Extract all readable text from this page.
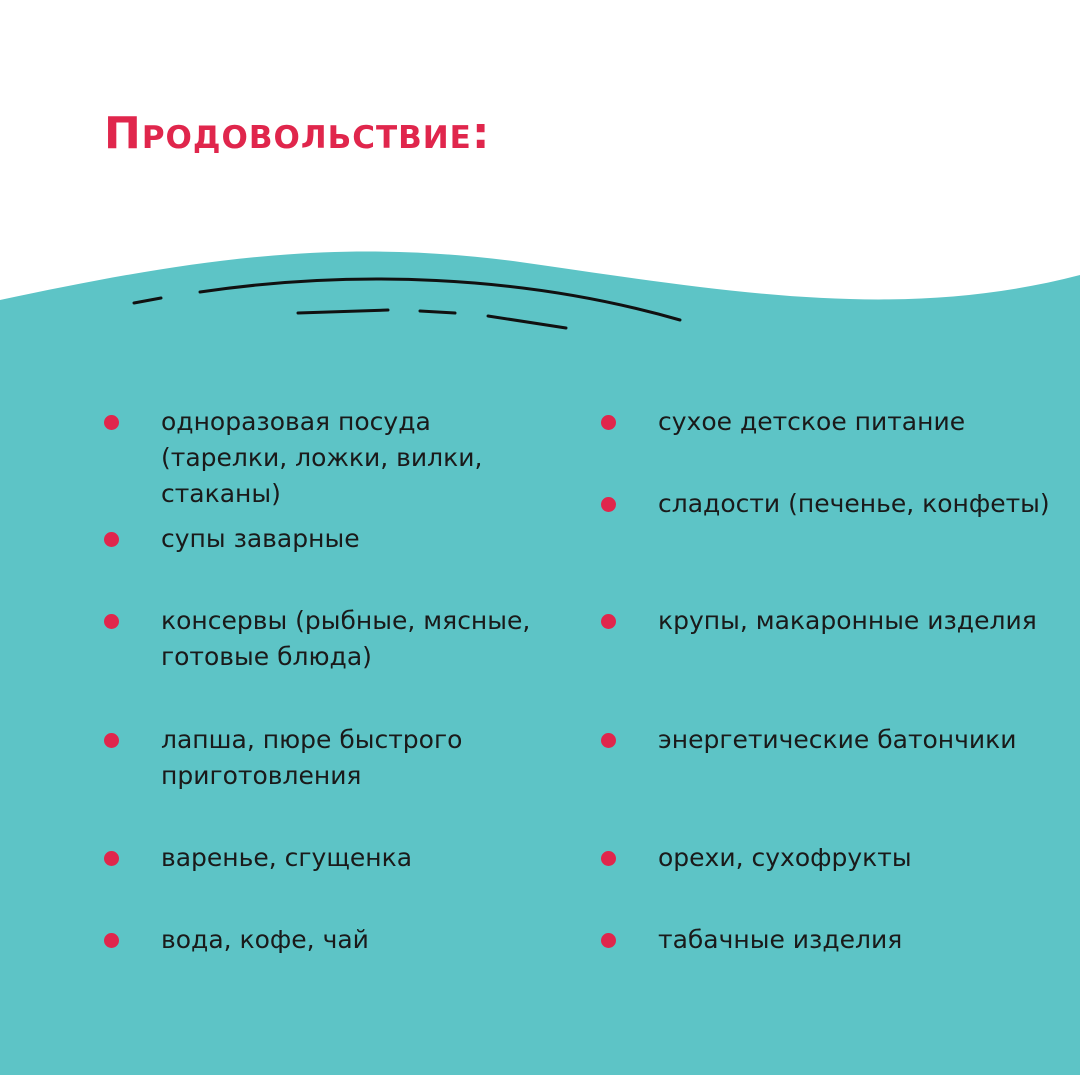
Продовольствие:
одноразовая посуда (тарелки, ложки, вилки, стаканы)
супы заварные
консервы (рыбные, мясные, готовые блюда)
лапша, пюре быстрого приготовления
варенье, сгущенка
вода, кофе, чай
сухое детское питание
сладости (печенье, конфеты)
крупы, макаронные изделия
энергетические батончики
орехи, сухофрукты
табачные изделия
